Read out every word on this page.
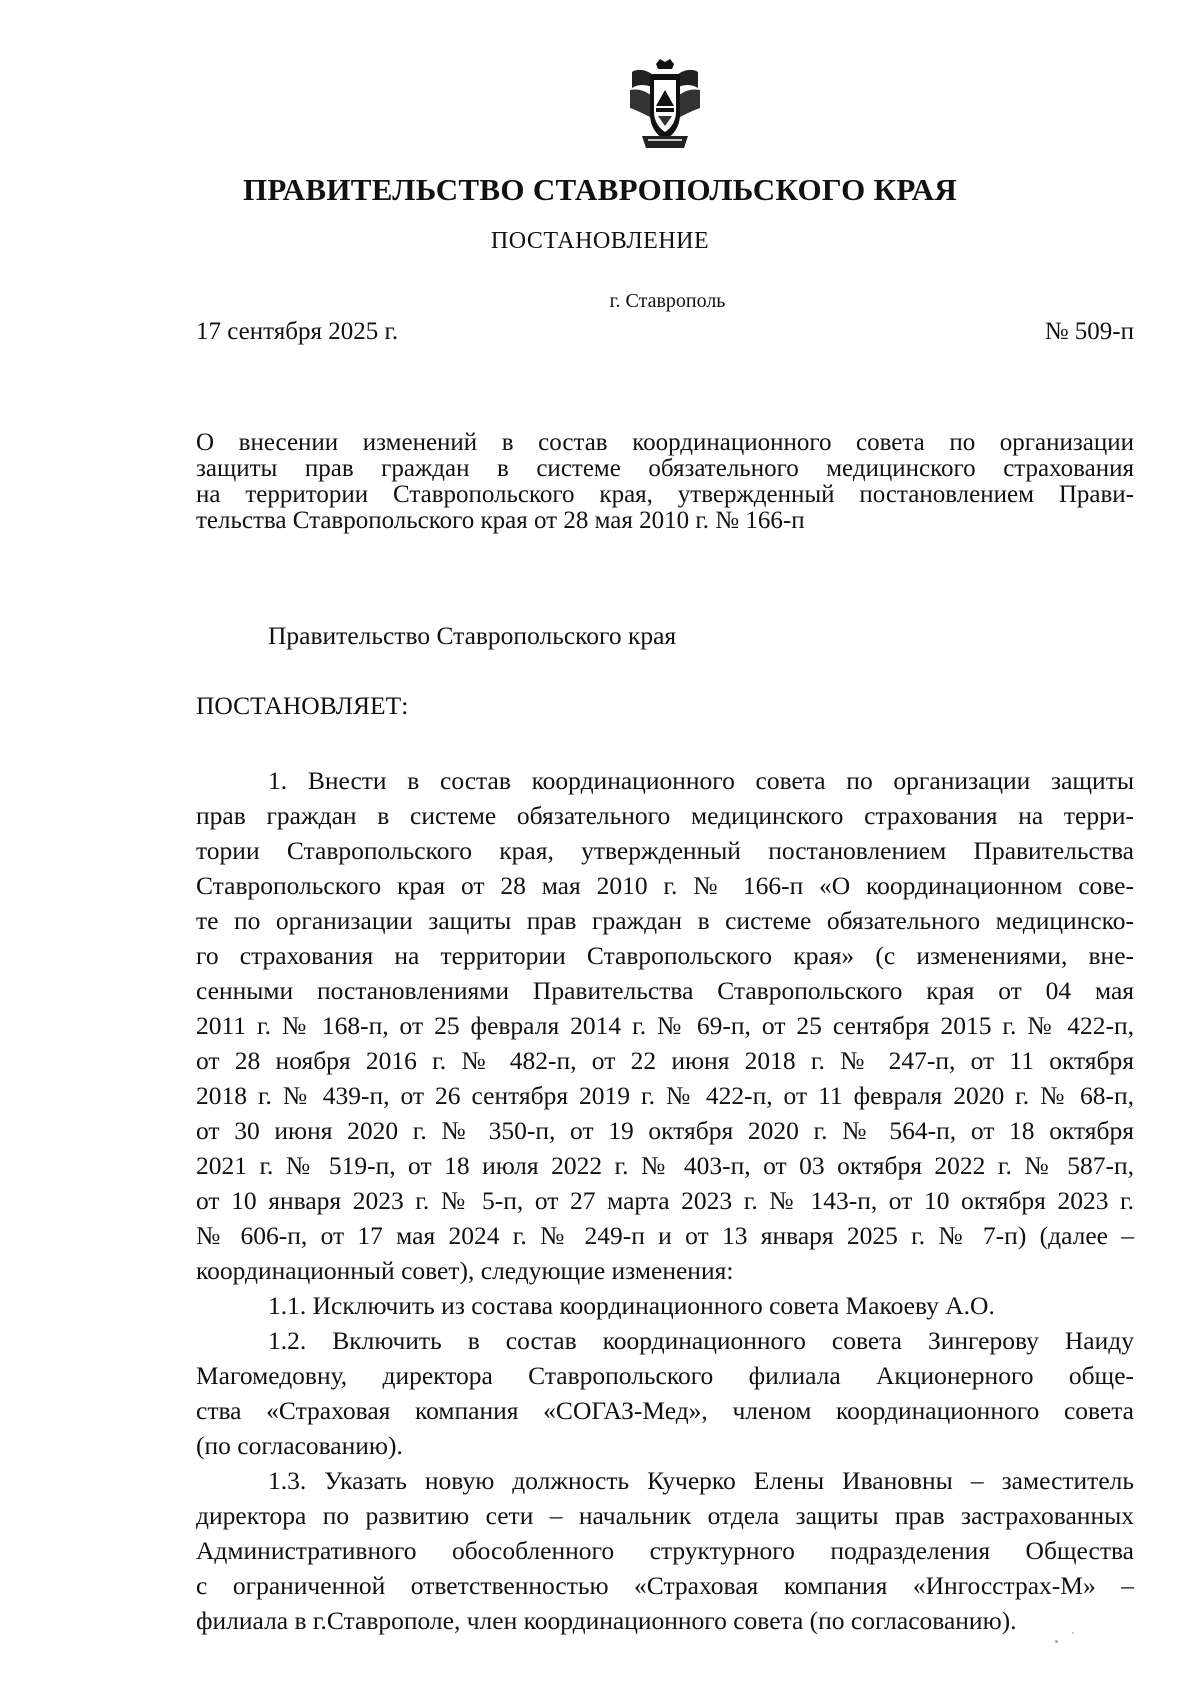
ПРАВИТЕЛЬСТВО СТАВРОПОЛЬСКОГО КРАЯ
ПОСТАНОВЛЕНИЕ
г. Ставрополь
17 сентября 2025 г.	№ 509-п
О внесении изменений в состав координационного совета по организации
защиты прав граждан в системе обязательного медицинского страхования
на территории Ставропольского края, утвержденный постановлением Прави-
тельства Ставропольского края от 28 мая 2010 г. № 166-п
Правительство Ставропольского края
ПОСТАНОВЛЯЕТ:
1. Внести в состав координационного совета по организации защиты
прав граждан в системе обязательного медицинского страхования на терри-
тории Ставропольского края, утвержденный постановлением Правительства
Ставропольского края от 28 мая 2010 г. № 166-п «О координационном сове-
те по организации защиты прав граждан в системе обязательного медицинско-
го страхования на территории Ставропольского края» (с изменениями, вне-
сенными постановлениями Правительства Ставропольского края от 04 мая
2011 г. № 168-п, от 25 февраля 2014 г. № 69-п, от 25 сентября 2015 г. № 422-п,
от 28 ноября 2016 г. № 482-п, от 22 июня 2018 г. № 247-п, от 11 октября
2018 г. № 439-п, от 26 сентября 2019 г. № 422-п, от 11 февраля 2020 г. № 68-п,
от 30 июня 2020 г. № 350-п, от 19 октября 2020 г. № 564-п, от 18 октября
2021 г. № 519-п, от 18 июля 2022 г. № 403-п, от 03 октября 2022 г. № 587-п,
от 10 января 2023 г. № 5-п, от 27 марта 2023 г. № 143-п, от 10 октября 2023 г.
№ 606-п, от 17 мая 2024 г. № 249-п и от 13 января 2025 г. № 7-п) (далее –
координационный совет), следующие изменения:
1.1. Исключить из состава координационного совета Макоеву А.О.
1.2. Включить в состав координационного совета Зингерову Наиду
Магомедовну, директора Ставропольского филиала Акционерного обще-
ства «Страховая компания «СОГАЗ-Мед», членом координационного совета
(по согласованию).
1.3. Указать новую должность Кучерко Елены Ивановны – заместитель
директора по развитию сети – начальник отдела защиты прав застрахованных
Административного обособленного структурного подразделения Общества
с ограниченной ответственностью «Страховая компания «Ингосстрах-М» –
филиала в г.Ставрополе, член координационного совета (по согласованию).
